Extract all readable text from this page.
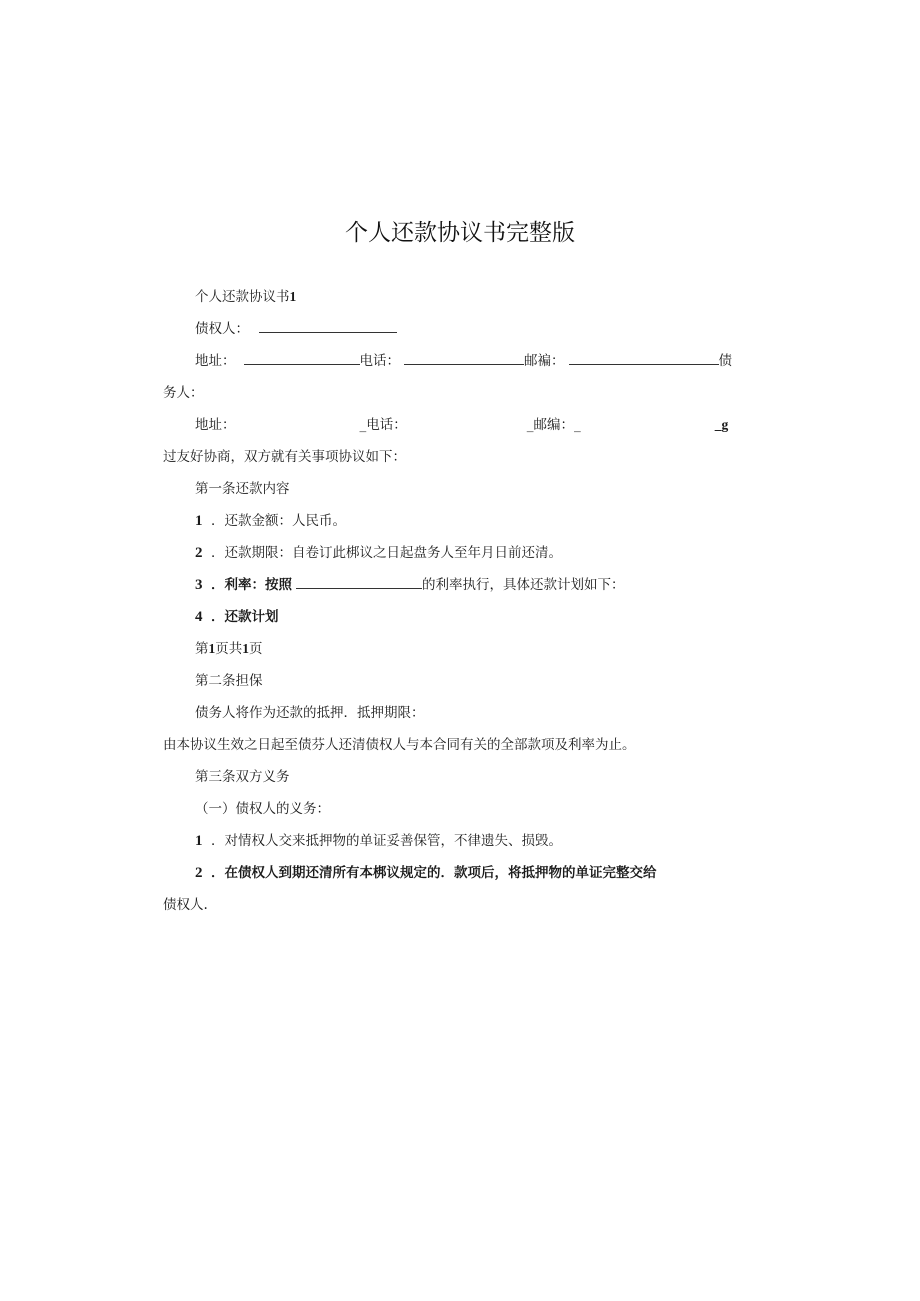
个人还款协议书完整版
个人还款协议书1
债权人：
地址：	电话：	邮褊：	债
务人：
地址：	_电话：	_邮编：_	_g
过友好协商，双方就有关事项协议如下：
第一条还款内容
1 ．还款金额：人民币。
2 ．还款期限：自卷订此梆议之日起盘务人至年月日前还清。
3 ．利率：按照	的利率执行，具体还款计划如下：
4 ．还款计划
第1页共1页
第二条担保
债务人将作为还款的抵押．抵押期限：
由本协议生效之日起至债芬人还清债权人与本合同有关的全部款项及利率为止。
第三条双方义务
（一）债权人的义务：
1 ．对情权人交来抵押物的单证妥善保管，不律遗失、损毁。
2 ．在债权人到期还清所有本梆议规定的．款项后，将抵押物的单证完整交给
债权人.
